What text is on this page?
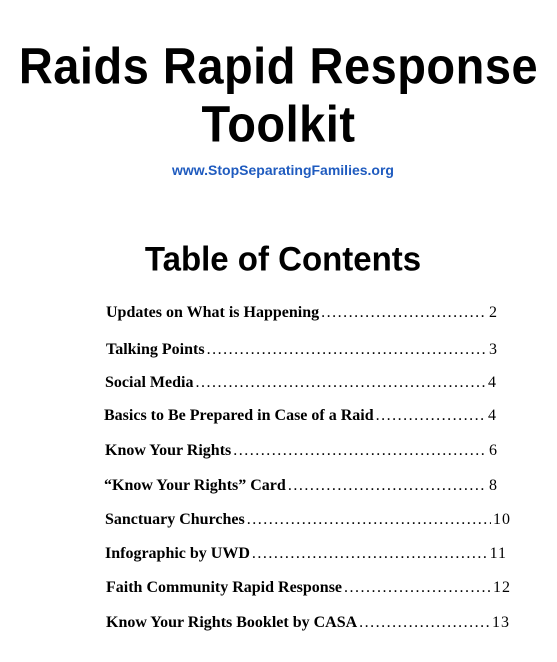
Raids Rapid Response
Toolkit
www.StopSeparatingFamilies.org
Table of Contents
Updates on What is Happening .....	2
Talking Points .....	3
Social Media .....	4
Basics to Be Prepared in Case of a Raid .....	4
Know Your Rights .....	6
“Know Your Rights” Card .....	8
Sanctuary Churches .....	10
Infographic by UWD .....	11
Faith Community Rapid Response .....	12
Know Your Rights Booklet by CASA .....	13
